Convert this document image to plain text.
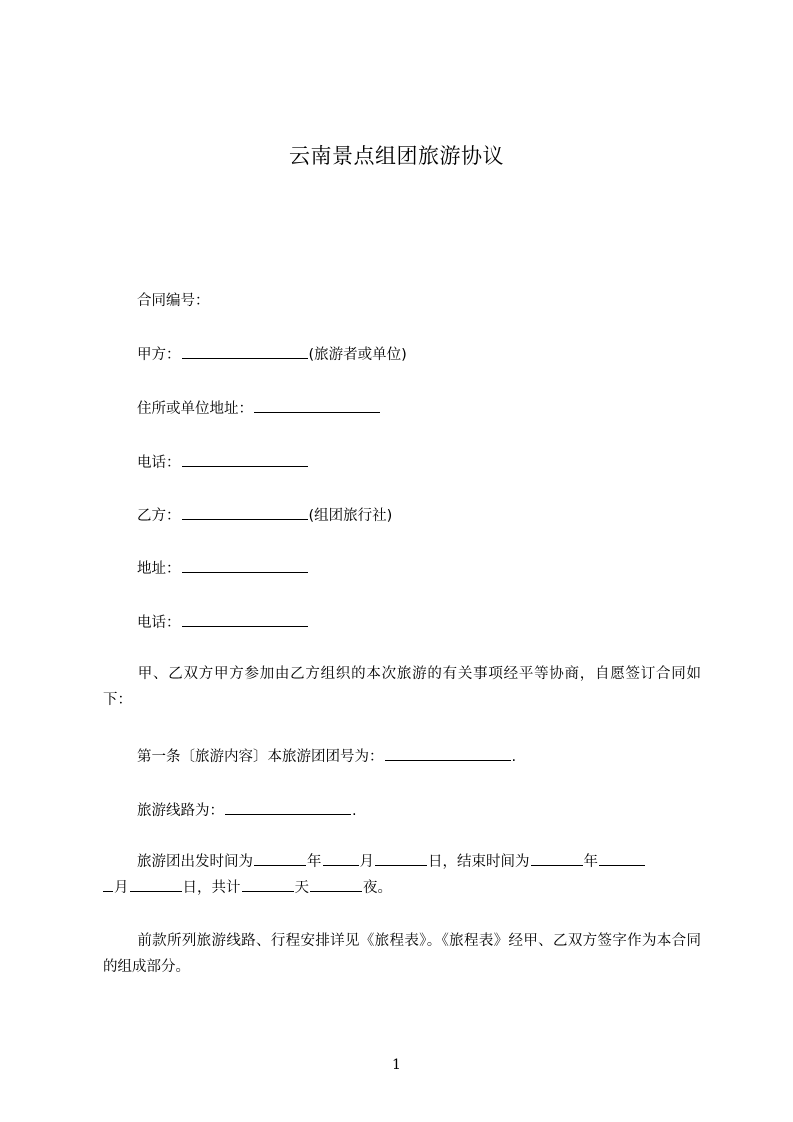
云南景点组团旅游协议
合同编号：
甲方：	(旅游者或单位)
住所或单位地址：
电话：
乙方：	(组团旅行社)
地址：
电话：
甲、乙双方甲方参加由乙方组织的本次旅游的有关事项经平等协商，自愿签订合同如下：
第一条〔旅游内容〕本旅游团团号为：	.
旅游线路为：	.
旅游团出发时间为	年	月	日，结束时间为	年
月	日，共计	天	夜。
前款所列旅游线路、行程安排详见《旅程表》。《旅程表》经甲、乙双方签字作为本合同的组成部分。
1
